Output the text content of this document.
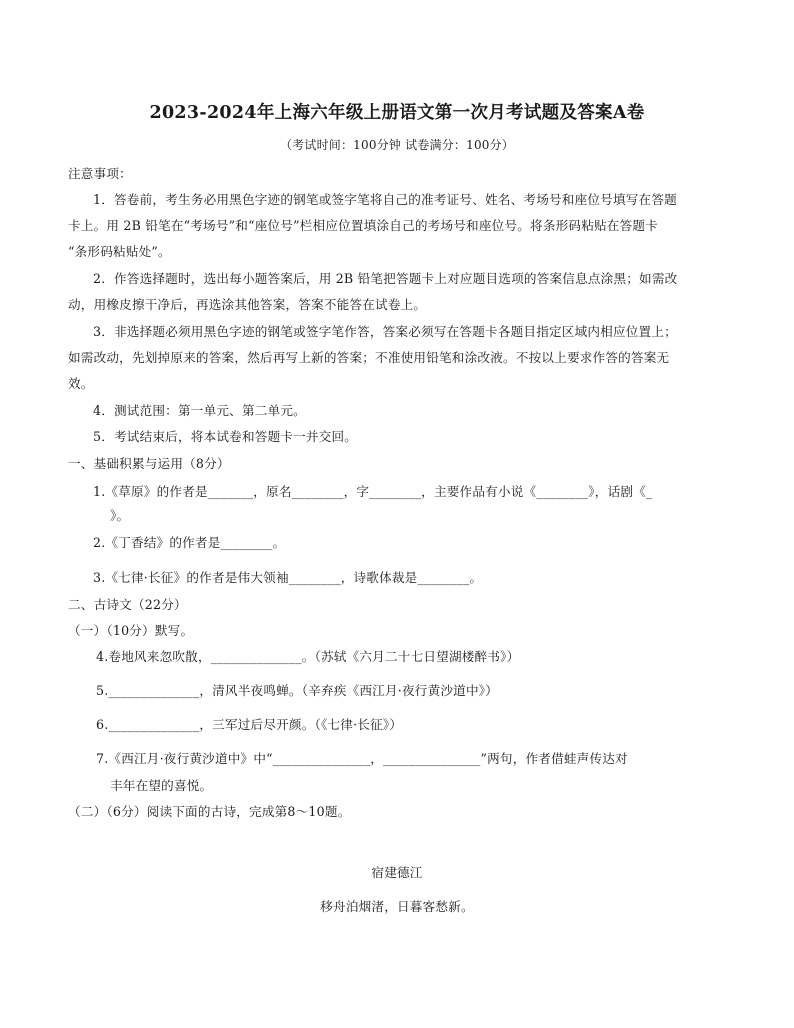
2023-2024年上海六年级上册语文第一次月考试题及答案A卷
（考试时间：100分钟 试卷满分：100分）
注意事项：
1．答卷前，考生务必用黑色字迹的钢笔或签字笔将自己的准考证号、姓名、考场号和座位号填写在答题
卡上。用 2B 铅笔在“考场号”和“座位号”栏相应位置填涂自己的考场号和座位号。将条形码粘贴在答题卡
“条形码粘贴处”。
2．作答选择题时，选出每小题答案后，用 2B 铅笔把答题卡上对应题目选项的答案信息点涂黑；如需改
动，用橡皮擦干净后，再选涂其他答案，答案不能答在试卷上。
3．非选择题必须用黑色字迹的钢笔或签字笔作答，答案必须写在答题卡各题目指定区域内相应位置上；
如需改动，先划掉原来的答案，然后再写上新的答案；不准使用铅笔和涂改液。不按以上要求作答的答案无
效。
4．测试范围：第一单元、第二单元。
5．考试结束后，将本试卷和答题卡一并交回。
一、基础积累与运用（8分）
1.《草原》的作者是_______，原名________，字________，主要作品有小说《________》，话剧《_
》。
2.《丁香结》的作者是________。
3.《七律·长征》的作者是伟大领袖________，诗歌体裁是________。
二、古诗文（22分）
（一）（10分）默写。
4.卷地风来忽吹散，______________。（苏轼《六月二十七日望湖楼醉书》）
5.______________，清风半夜鸣蝉。（辛弃疾《西江月·夜行黄沙道中》）
6.______________，三军过后尽开颜。（《七律·长征》）
7.《西江月·夜行黄沙道中》中“_______________，_______________”两句，作者借蛙声传达对
丰年在望的喜悦。
（二）（6分）阅读下面的古诗，完成第8～10题。
宿建德江
移舟泊烟渚，日暮客愁新。
